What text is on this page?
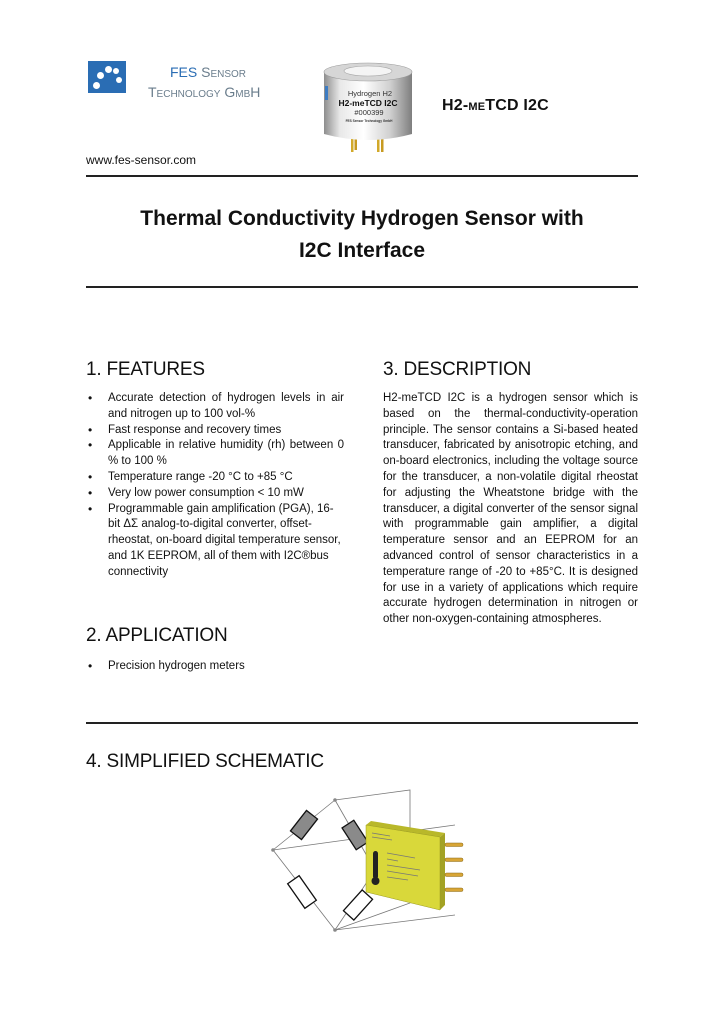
FES Sensor
Technology GmbH	Hydrogen H2
H2-meTCD I2C
#000399
FES Sensor Technology GmbH
H2-meTCD I2C
www.fes-sensor.com
Thermal Conductivity Hydrogen Sensor with
I2C Interface
1. FEATURES
• Accurate detection of hydrogen levels in air and nitrogen up to 100 vol-%
• Fast response and recovery times
• Applicable in relative humidity (rh) between 0 % to 100 %
• Temperature range -20 °C to +85 °C
• Very low power consumption < 10 mW
• Programmable gain amplification (PGA), 16-bit ΔΣ analog-to-digital converter, offset-rheostat, on-board digital temperature sensor, and 1K EEPROM, all of them with I2C®bus connectivity
2. APPLICATION
• Precision hydrogen meters
3. DESCRIPTION

H2-meTCD I2C is a hydrogen sensor which is based on the thermal-conductivity-operation principle. The sensor contains a Si-based heated transducer, fabricated by anisotropic etching, and on-board electronics, including the voltage source for the transducer, a non-volatile digital rheostat for adjusting the Wheatstone bridge with the transducer, a digital converter of the sensor signal with programmable gain amplifier, a digital temperature sensor and an EEPROM for an advanced control of sensor characteristics in a temperature range of -20 to +85°C. It is designed for use in a variety of applications which require accurate hydrogen determination in nitrogen or other non-oxygen-containing atmospheres.

4. SIMPLIFIED SCHEMATIC
